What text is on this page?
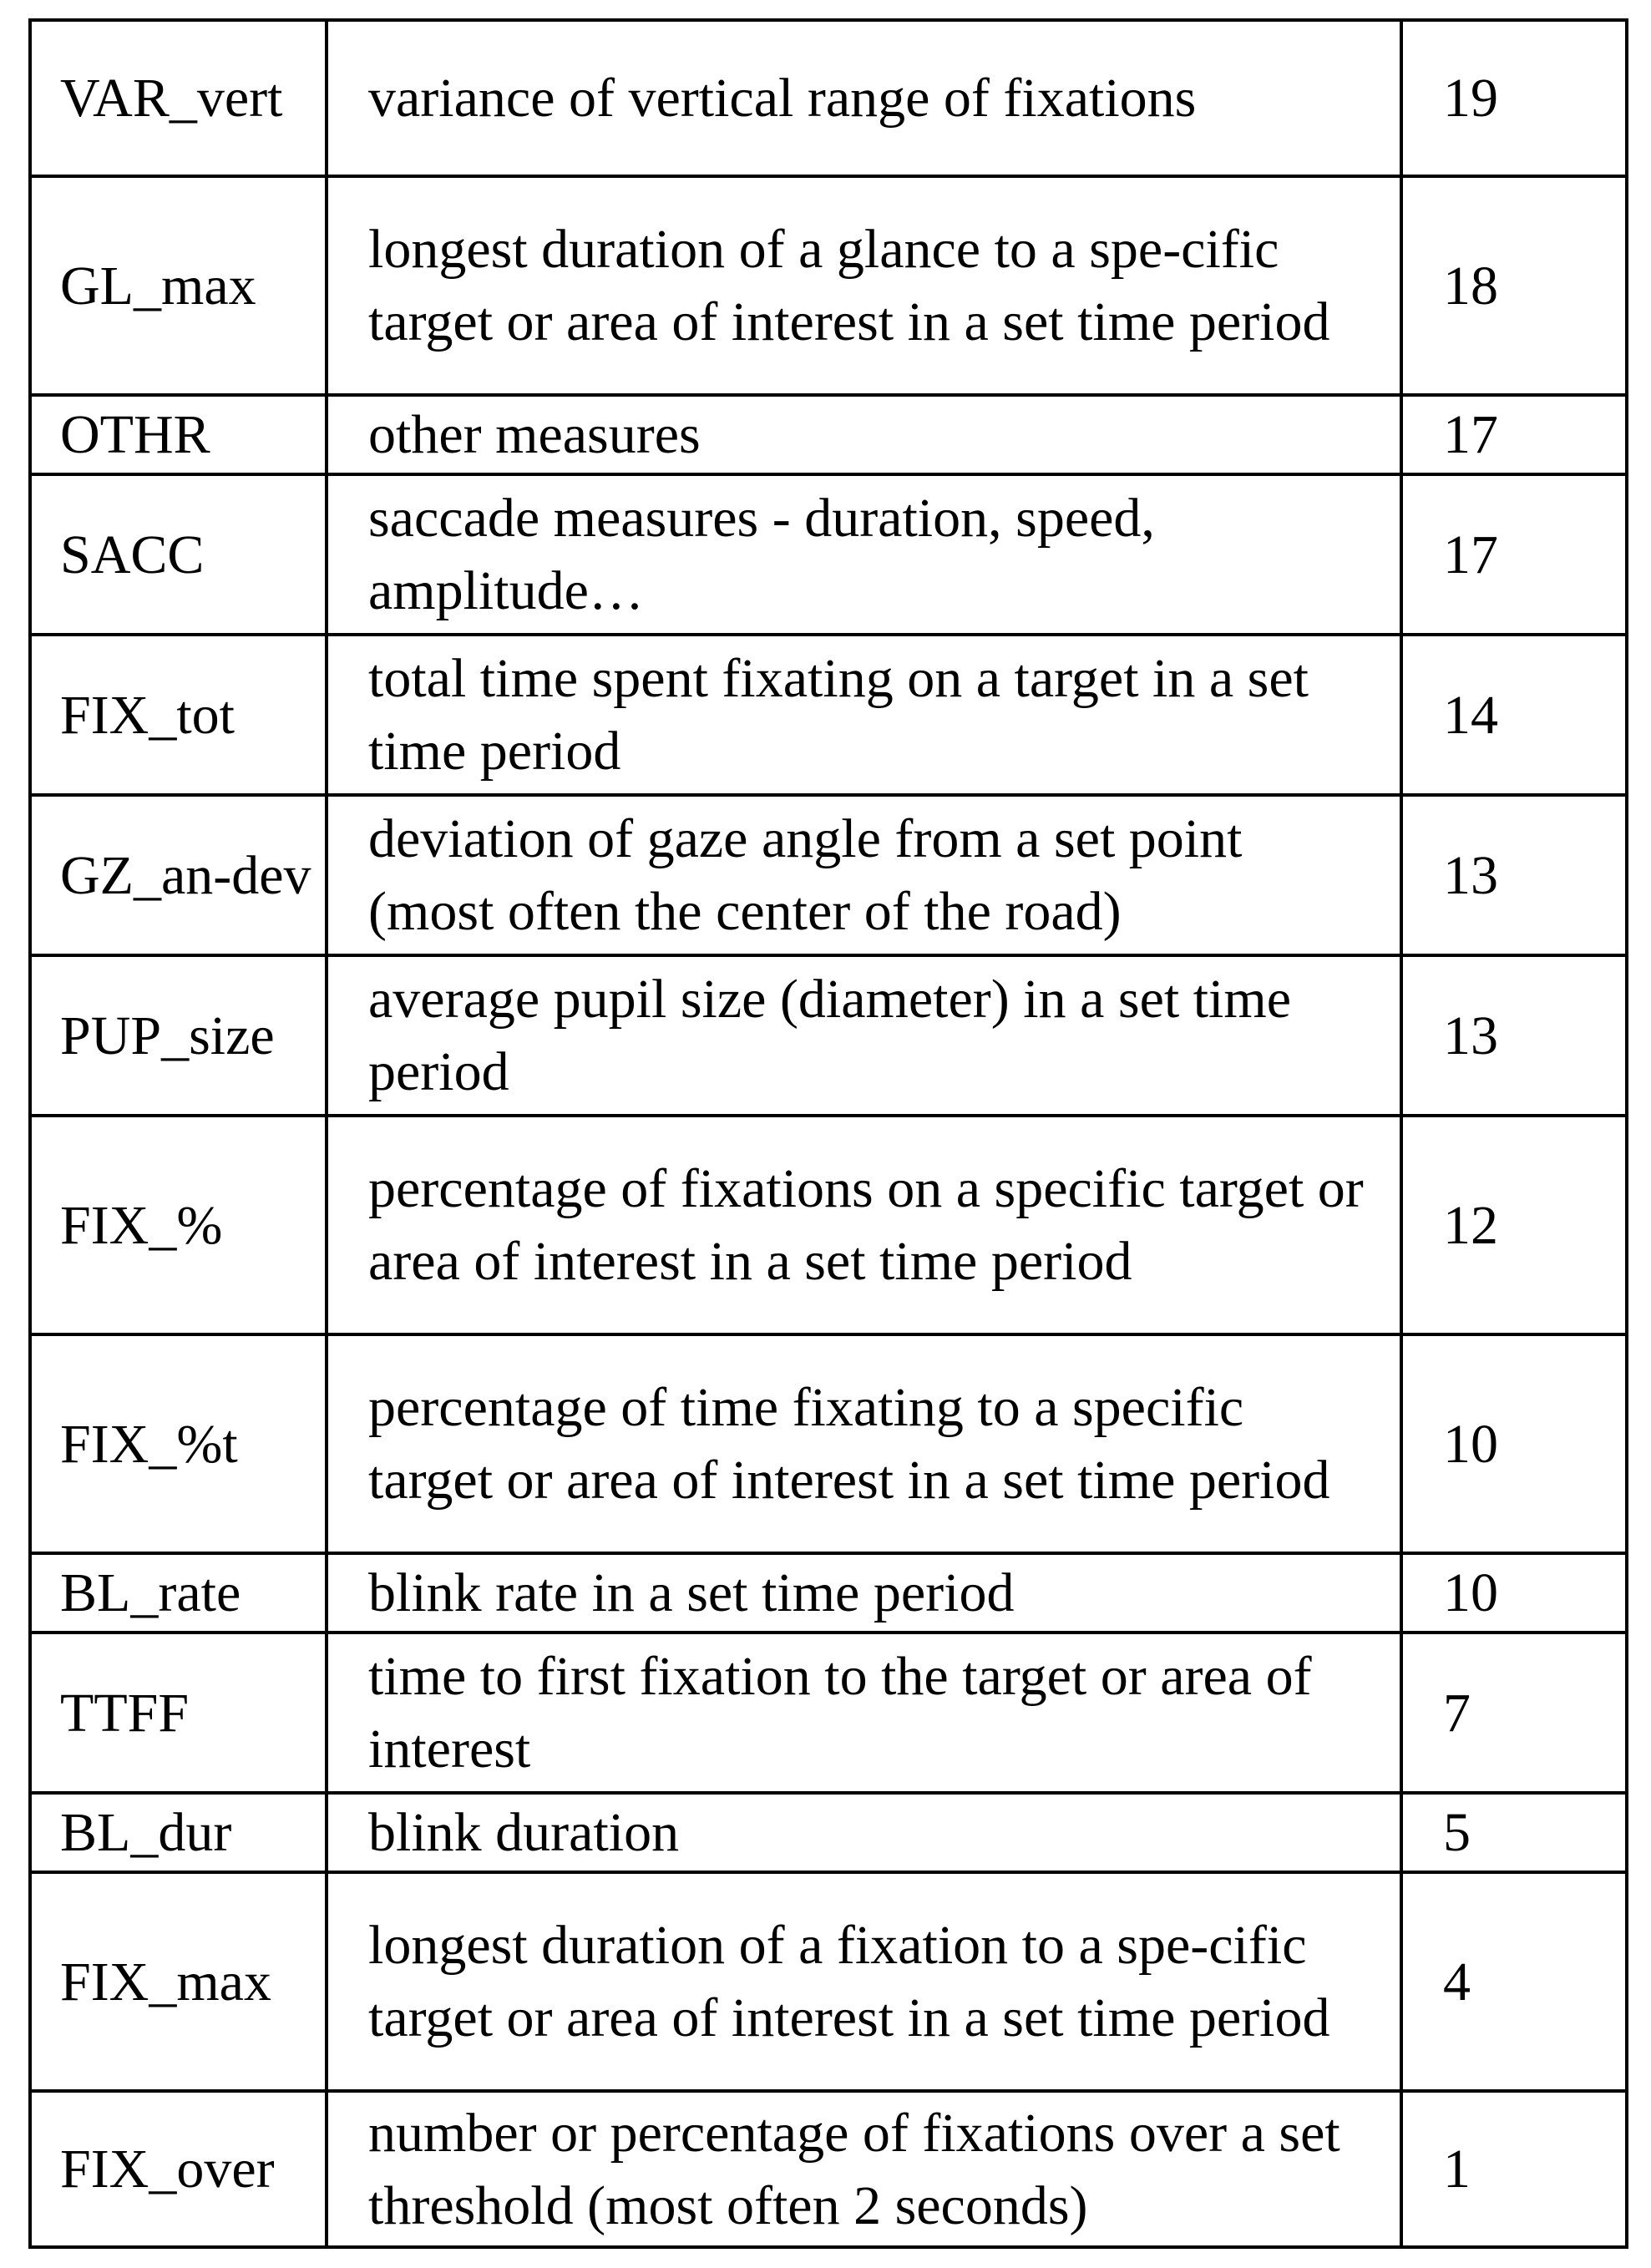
VAR_vert	variance of vertical range of fixations	19
GL_max	longest duration of a glance to a spe-cific target or area of interest in a set time period	18
OTHR	other measures	17
SACC	saccade measures - duration, speed, amplitude…	17
FIX_tot	total time spent fixating on a target in a set time period	14
GZ_an-dev	deviation of gaze angle from a set point (most often the center of the road)	13
PUP_size	average pupil size (diameter) in a set time period	13
FIX_%	percentage of fixations on a specific target or area of interest in a set time period	12
FIX_%t	percentage of time fixating to a specific target or area of interest in a set time period	10
BL_rate	blink rate in a set time period	10
TTFF	time to first fixation to the target or area of interest	7
BL_dur	blink duration	5
FIX_max	longest duration of a fixation to a spe-cific target or area of interest in a set time period	4
FIX_over	number or percentage of fixations over a set threshold (most often 2 seconds)	1
